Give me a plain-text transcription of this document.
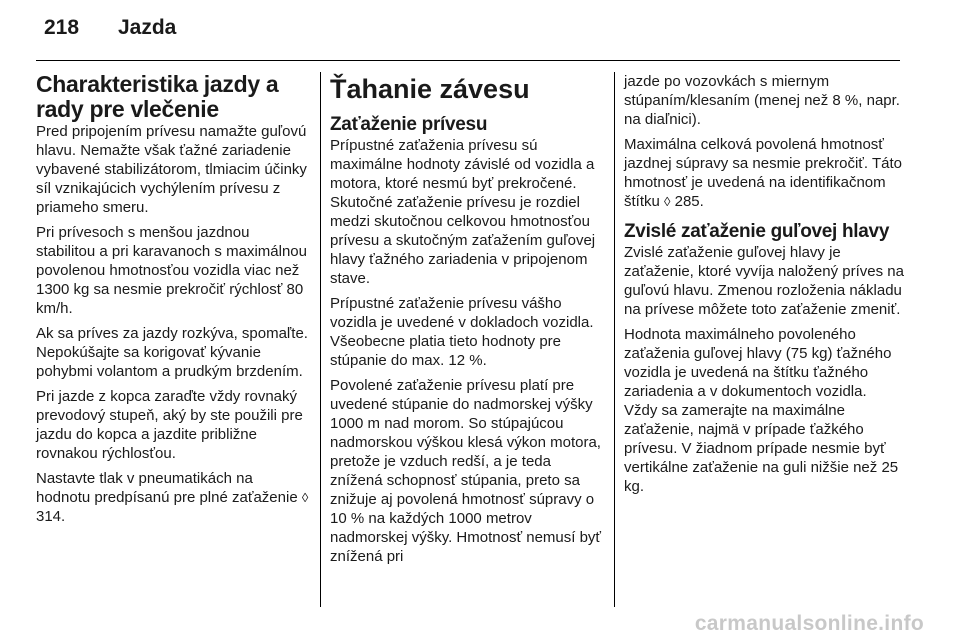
218 Jazda
Charakteristika jazdy a rady pre vlečenie

Pred pripojením prívesu namažte guľovú hlavu. Nemažte však ťažné zariadenie vybavené stabilizátorom, tlmiacim účinky síl vznikajúcich vychýlením prívesu z priameho smeru.

Pri prívesoch s menšou jazdnou stabilitou a pri karavanoch s maximálnou povolenou hmotnosťou vozidla viac než 1300 kg sa nesmie prekročiť rýchlosť 80 km/h.

Ak sa príves za jazdy rozkýva, spomaľte. Nepokúšajte sa korigovať kývanie pohybmi volantom a prudkým brzdením.

Pri jazde z kopca zaraďte vždy rovnaký prevodový stupeň, aký by ste použili pre jazdu do kopca a jazdite približne rovnakou rýchlosťou.

Nastavte tlak v pneumatikách na hodnotu predpísanú pre plné zaťaženie ◊ 314.

Ťahanie závesu
Zaťaženie prívesu

Prípustné zaťaženia prívesu sú maximálne hodnoty závislé od vozidla a motora, ktoré nesmú byť prekročené. Skutočné zaťaženie prívesu je rozdiel medzi skutočnou celkovou hmotnosťou prívesu a skutočným zaťažením guľovej hlavy ťažného zariadenia v pripojenom stave.

Prípustné zaťaženie prívesu vášho vozidla je uvedené v dokladoch vozidla. Všeobecne platia tieto hodnoty pre stúpanie do max. 12 %.

Povolené zaťaženie prívesu platí pre uvedené stúpanie do nadmorskej výšky 1000 m nad morom. So stúpajúcou nadmorskou výškou klesá výkon motora, pretože je vzduch redší, a je teda znížená schopnosť stúpania, preto sa znižuje aj povolená hmotnosť súpravy o 10 % na každých 1000 metrov nadmorskej výšky. Hmotnosť nemusí byť znížená pri

jazde po vozovkách s miernym stúpaním/klesaním (menej než 8 %, napr. na diaľnici).

Maximálna celková povolená hmotnosť jazdnej súpravy sa nesmie prekročiť. Táto hmotnosť je uvedená na identifikačnom štítku ◊ 285.

Zvislé zaťaženie guľovej hlavy

Zvislé zaťaženie guľovej hlavy je zaťaženie, ktoré vyvíja naložený príves na guľovú hlavu. Zmenou rozloženia nákladu na prívese môžete toto zaťaženie zmeniť.

Hodnota maximálneho povoleného zaťaženia guľovej hlavy (75 kg) ťažného vozidla je uvedená na štítku ťažného zariadenia a v dokumentoch vozidla. Vždy sa zamerajte na maximálne zaťaženie, najmä v prípade ťažkého prívesu. V žiadnom prípade nesmie byť vertikálne zaťaženie na guli nižšie než 25 kg.

carmanualsonline.info
